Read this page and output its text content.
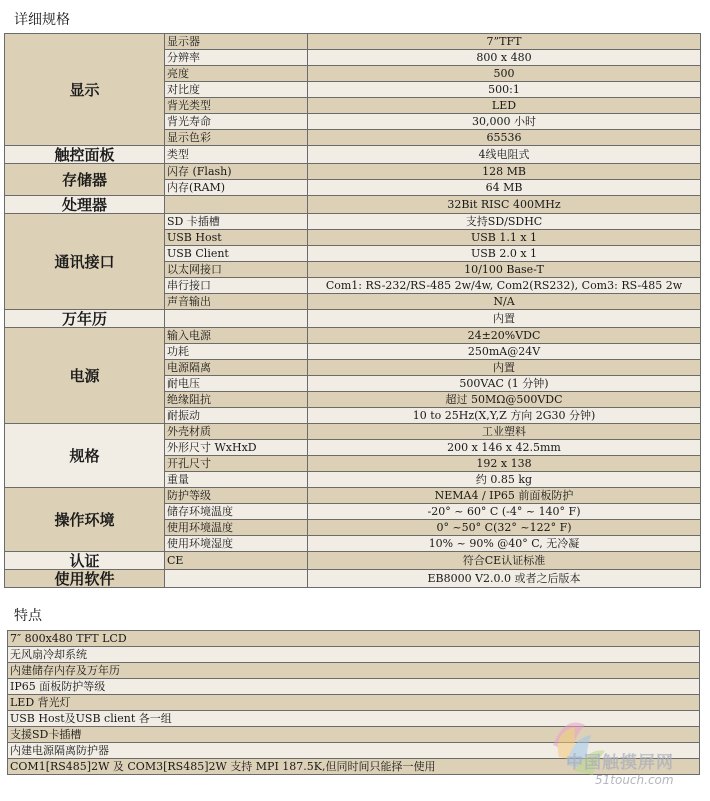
详细规格
显示	显示器	7”TFT
	分辨率	800 x 480
	亮度	500
	对比度	500:1
	背光类型	LED
	背光寿命	30,000 小时
	显示色彩	65536
触控面板	类型	4线电阻式
存储器	闪存 (Flash)	128 MB
	内存(RAM)	64 MB
处理器		32Bit RISC 400MHz
通讯接口	SD 卡插槽	支持SD/SDHC
	USB Host	USB 1.1 x 1
	USB Client	USB 2.0 x 1
	以太网接口	10/100 Base-T
	串行接口	Com1: RS-232/RS-485 2w/4w, Com2(RS232), Com3: RS-485 2w
	声音输出	N/A
万年历		内置
电源	输入电源	24±20%VDC
	功耗	250mA@24V
	电源隔离	内置
	耐电压	500VAC (1 分钟)
	绝缘阻抗	超过 50MΩ@500VDC
	耐振动	10 to 25Hz(X,Y,Z 方向 2G30 分钟)
规格	外壳材质	工业塑料
	外形尺寸 WxHxD	200 x 146 x 42.5mm
	开孔尺寸	192 x 138
	重量	约 0.85 kg
操作环境	防护等级	NEMA4 / IP65 前面板防护
	储存环境温度	-20° ~ 60° C (-4° ~ 140° F)
	使用环境温度	0° ~50° C(32° ~122° F)
	使用环境湿度	10% ~ 90% @40° C, 无冷凝
认证	CE	符合CE认证标准
使用软件		EB8000 V2.0.0 或者之后版本
特点
7″ 800x480 TFT LCD
无风扇冷却系统
内建储存内存及万年历
IP65 面板防护等级
LED 背光灯
USB Host及USB client 各一组
支援SD卡插槽
内建电源隔离防护器
COM1[RS485]2W 及 COM3[RS485]2W 支持 MPI 187.5K,但同时间只能择一使用	中国触摸屏网
51touch.com
